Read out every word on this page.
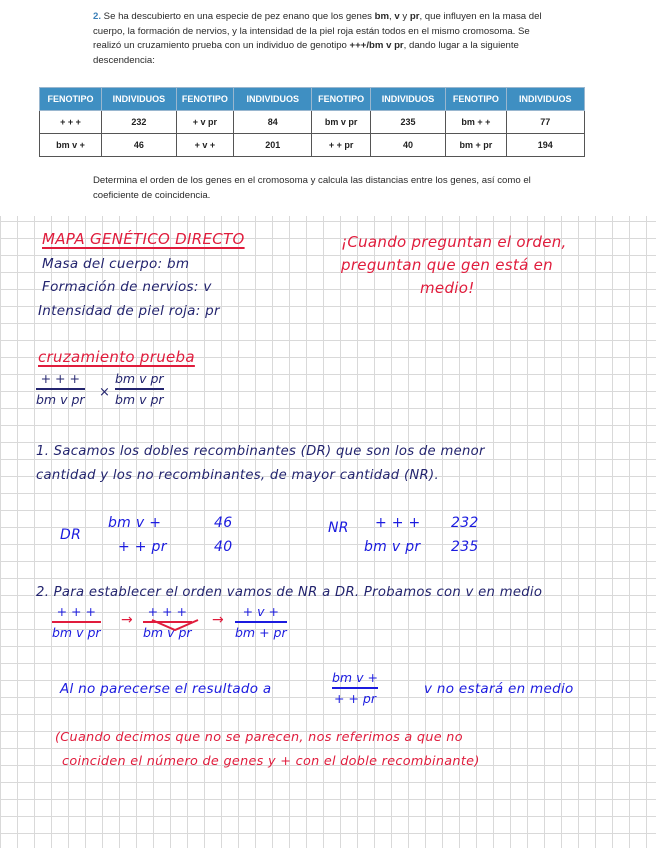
2. Se ha descubierto en una especie de pez enano que los genes bm, v y pr, que influyen en la masa del cuerpo, la formación de nervios, y la intensidad de la piel roja están todos en el mismo cromosoma. Se realizó un cruzamiento prueba con un individuo de genotipo +++/bm v pr, dando lugar a la siguiente descendencia:
FENOTIPO	INDIVIDUOS	FENOTIPO	INDIVIDUOS	FENOTIPO	INDIVIDUOS	FENOTIPO	INDIVIDUOS
+ + +	232	+ v pr	84	bm v pr	235	bm + +	77
bm v +	46	+ v +	201	+ + pr	40	bm + pr	194
Determina el orden de los genes en el cromosoma y calcula las distancias entre los genes, así como el coeficiente de coincidencia.
MAPA GENÉTICO DIRECTO
Masa del cuerpo: bm
Formación de nervios: v
Intensidad de piel roja: pr
¡Cuando preguntan el orden,
preguntan que gen está en
medio!
cruzamiento prueba
+ + +
bm v pr ×
bm v pr
bm v pr
1. Sacamos los dobles recombinantes (DR) que son los de menor
cantidad y los no recombinantes, de mayor cantidad (NR).
DR
bm v +	46
+ + pr	40
NR + + + 232
bm v pr 235
2. Para establecer el orden vamos de NR a DR. Probamos con v en medio
+ + +
bm v pr
→
+ + +
bm v pr
→
+ v +
bm + pr
Al no parecerse el resultado a
bm v +
+ + pr
v no estará en medio
(Cuando decimos que no se parecen, nos referimos a que no
coinciden el número de genes y + con el doble recombinante)
